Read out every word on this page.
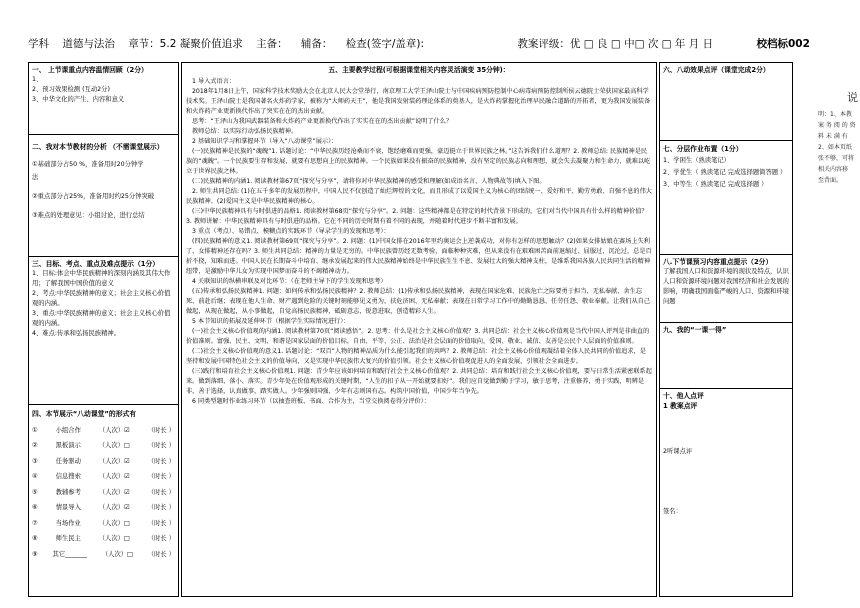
学科 道德与法治 章节：5.2 凝聚价值追求 主备： 辅备： 检查(签字/盖章):	教案评级：优 □ 良 □ 中□ 次 □ 年 月 日	校档标002
说
明：1、本教
案 务 阅 的 资
料 未 满 有
2、如本页纸
张不够，可将
相关内容移
至背面。
一、 上节课重点内容温情回顾（2分）
1、
2、预习效果检测 (互动2分)
3、中华文化的产生、内容和意义
二、我对本节教材的分析 （不需课堂展示）
①基础部分占50 %，准备用时20分钟学
法
②重点部分占25%，准备用时约25分钟突破
③难点的处理意见：小组讨论，进行总结
三、目标、考点、重点及难点提示（1分）
1、目标:体会中华民族精神的深刻内涵及其伟大作用；了解我国中国价值的意义
2、考点:中华民族精神的意义；社会主义核心价值观的内涵。
3、重点:中华民族精神的意义；社会主义核心价值观的内涵。
4、难点:传承和弘扬民族精神。
四、本节展示“八动课堂”的形式有
①	小组合作	（人次）☑	（时长 ）
②	黑板演示	（人次）□	（时长 ）
③	任务驱动	（人次）☑	（时长 ）
④	信息搜索	（人次）☑	（时长 ）
⑤	教辅参考	（人次）☑	（时长 ）
⑥	情景导入	（人次）☑	（时长 ）
⑦	当场作业	（人次）□	（时长 ）
⑧	师生民主	（人次）□	（时长 ）
⑨ 其它_______ （人次）□ （时长 ）

五、主要教学过程(可根据课堂相关内容灵活演变 35分钟)：

1 导入式语言：

2018年1月8日上午，国家科学技术奖励大会在北京人民大会堂举行，南京理工大学王泽山院士与中国疾病预防控制中心病毒病预防控制所侯云德院士荣获国家最高科学技术奖。王泽山院士是我国著名火炸药学家，被称为“大师药天王”，他是我国发射装药理论体系的奠基人，是火炸药掌握化治理早民融合道路的开拓者，更为我国发展装备和火炸药产业更新换代作出了突实在在的杰出贡献。

思考：“王泽山为我国武器装备和火炸药产业更新换代作出了实实在在的杰出贡献”说明了什么？

教师总结：以实际行动弘扬民族精神。

2 基础知识学习和掌握环节（导入“八动课堂”展示）：

(一)民族精神是民族的“魂魄”1. 话题讨论：“中华民族历经沧桑而不衰，饱经磨难而更强，豪迈挺立于世界民族之林。”这告诉我们什么道理？2. 教师总结: 民族精神是民族的“魂魄”。一个民族要生存和发展，就要有思想向上的民族精神。一个民族如果没有振奋的民族精神，没有坚定的民族志向和理想，就会失去凝聚力和生命力，就难以屹立于世界民族之林。

(二)民族精神的内涵1. 阅读教材第67页“探究与分享”，请将你对中华民族精神的感受和理解(如成语名言、人物典故等)填入下图。

2. 师生共同总结: (1)在五千多年的发展历程中，中国人民不仅创造了灿烂辉煌的文化，而且形成了以爱国主义为核心的团结统一、爱好和平、勤劳勇敢、自强不息的伟大民族精神。(2)爱国主义是中华民族精神的核心。

(三)中华民族精神具有与时俱进的品格1. 阅读教材第68页“探究与分享”。2. 问题：这些精神都是在特定的时代背景下形成的，它们对当代中国具有什么样的精神价值？3. 教师讲解：中华民族精神具有与时俱进的品格。它在不同的历史时期有着不同的表现，并随着时代进步不断丰富和发展。

3 重点（考点）、易错点、模糊点的实践环节（导录学生的发现和思考）：

(四)民族精神的意义1. 阅读教材第69页“探究与分享”。2. 问题：(1)中国女排在2016年里约奥运会上逆袭成功，对你有怎样的思想触动？(2)如果女排姑娘在赛场上失利了，女排精神还存在吗？3. 师生共同总结：精神的力量是无穷的。中华民族曾历经无数考验，面临种种灾难，但从来没有在艰难困苦面前退缩过、屈服过、沉沦过，总是百折不挠，知难而进。中国人民在长期奋斗中培育、继承发展起来的伟大民族精神始终是中华民族生生不息、发展壮大的强大精神支柱，是维系我国各族人民共同生活的精神纽带，是激励中华儿女为实现中国梦而奋斗的不竭精神动力。

4 关联知识的纵横串联及对比环节：（在老师主导下的学生发现和思考）

(五)传承和弘扬民族精神1. 问题：如何传承和弘扬民族精神？2. 教师总结：(1)传承和弘扬民族精神，表现在国家危难、民族危亡之际要勇于担当、无私奉献、舍生忘死、前赴后继；表现在他人生命、财产遇到危险的关键时刻能够见义勇为，扶危济困、无私奉献；表现在日常学习工作中的勤勤恳恳、任劳任怨、敬业奉献。让我们从自己做起，从现在做起，从小事做起，自觉高扬民族精神，砥砺意志，锐意进取，创造精彩人生。

5 本节知识的拓展及延伸环节（根据学生实际情况进行）：

(一)社会主义核心价值观的内涵1. 阅读教材第70页“阅读感悟”。2. 思考：什么是社会主义核心价值观？3. 共同总结：社会主义核心价值观是当代中国人评判是非曲直的价值准则。富强、民主、文明、和谐是国家层面的价值目标，自由、平等、公正、法治是社会层面的价值取向，爱国、敬业、诚信、友善是公民个人层面的价值准则。

(二)社会主义核心价值观的意义1. 话题讨论：“双百”人物的精神品质为什么能引起我们的共鸣？2. 教师总结：社会主义核心价值观凝结着全体人民共同的价值追求，是坚持和发展中国特色社会主义的价值导向，又是实现中华民族伟大复兴的价值引领。社会主义核心价值观促进人的全面发展，引领社会全面进步。

(三)践行和培育社会主义核心价值观1. 问题：青少年应该如何培育和践行社会主义核心价值观？2. 共同总结：培育和践行社会主义核心价值观，要与日常生活紧密联系起来。做到落细、落小、落实。青少年处在价值观形成的关键时期，“人生的扣子从一开始就要扣好”。我们应自觉做到勤于学习，敏于思考，注重修养，勇于实践，明辨是非，善于选择，认真做事，踏实做人。少年强则国强，少年有志则国有志。构筑中国价值，中国少年当争先。

6 同类型题时作业练习环节（以抽查班板、书面、合作为主，当堂交换阅卷得分评价）：

六、八动效果点评（课堂完成2分）
七、分层作业布置（1分）
1、学困生（熟读笔记）
2、学优生（ 熟读笔记 完成选择题简答题 ）
3、中等生（ 熟读笔记 完成选择题 ）
八.下节课预习内容重点提示（2分）
了解我国人口和资源环境的现状及特点，认识人口和资源环境问题对我国经济和社会发展的影响，明确我国面临严峻的人口、资源和环境问题
九、我的“一课一得”
十、他人点评
1 教案点评
2听课点评
签名：
